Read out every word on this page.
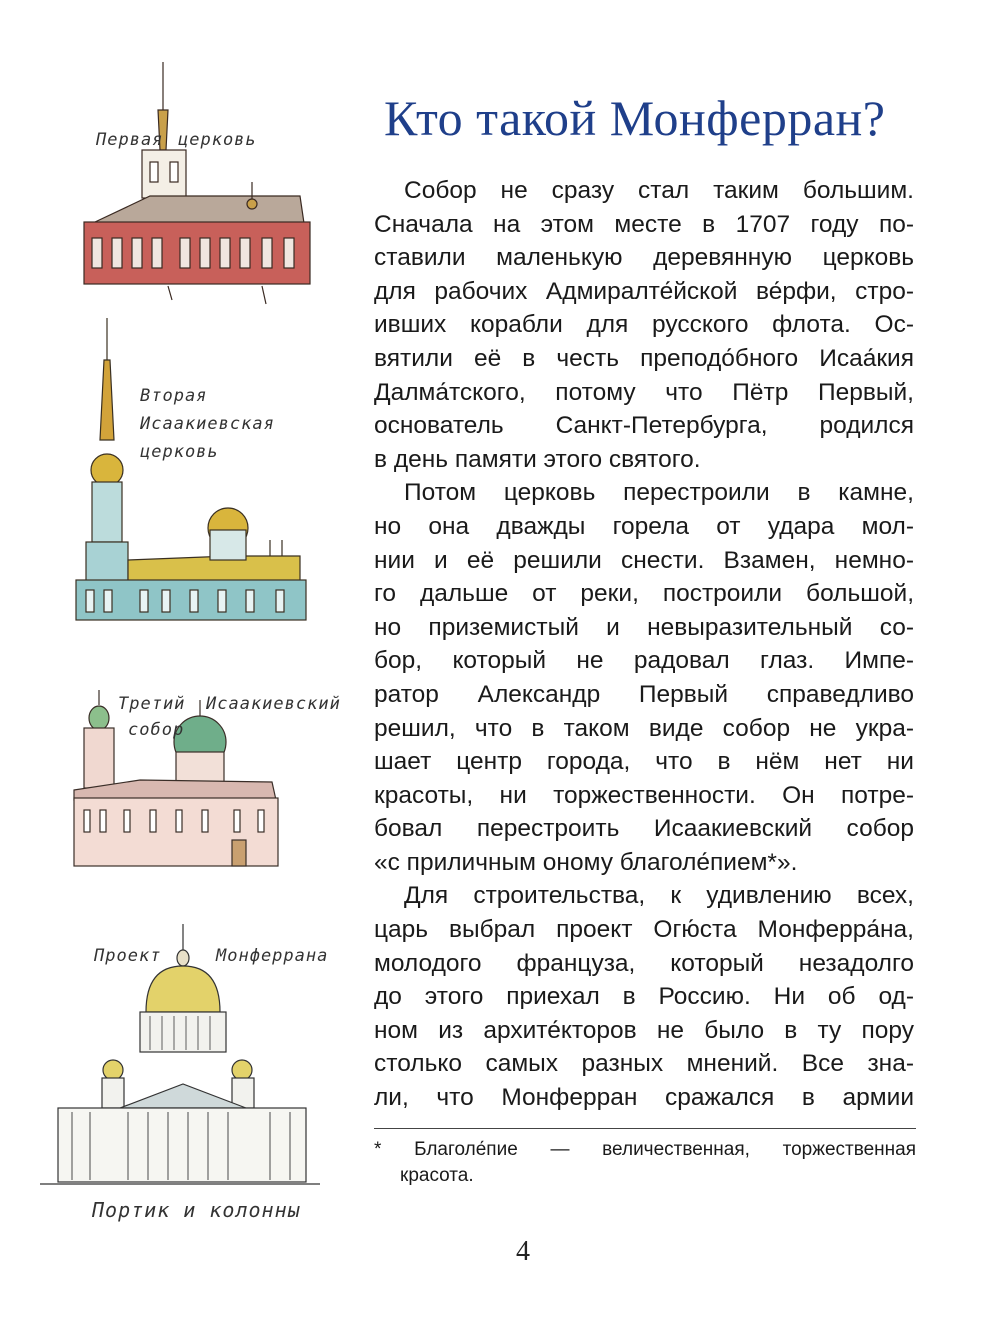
Первая церковь
Вторая
Исаакиевская
церковь
Третий Исаакиевский
собор
Проект	Монферрана
Портик и колонны
Кто такой Монферран?

Собор не сразу стал таким большим.
Сначала на этом месте в 1707 году по-
ставили маленькую деревянную церковь
для рабочих Адмиралте́йской ве́рфи, стро-
ивших корабли для русского флота. Ос-
вятили её в честь преподо́бного Исаа́кия
Далма́тского, потому что Пётр Первый,
основатель Санкт-Петербурга, родился
в день памяти этого святого.

Потом церковь перестроили в камне,
но она дважды горела от удара мол-
нии и её решили снести. Взамен, немно-
го дальше от реки, построили большой,
но приземистый и невыразительный со-
бор, который не радовал глаз. Импе-
ратор Александр Первый справедливо
решил, что в таком виде собор не укра-
шает центр города, что в нём нет ни
красоты, ни торжественности. Он потре-
бовал перестроить Исаакиевский собор
«с приличным оному благоле́пием*».

Для строительства, к удивлению всех,
царь выбрал проект Огю́ста Монферра́на,
молодого француза, который незадолго
до этого приехал в Россию. Ни об од-
ном из архите́кторов не было в ту пору
столько самых разных мнений. Все зна-
ли, что Монферран сражался в армии

* Благоле́пие — величественная, торжественная
красота.
4
